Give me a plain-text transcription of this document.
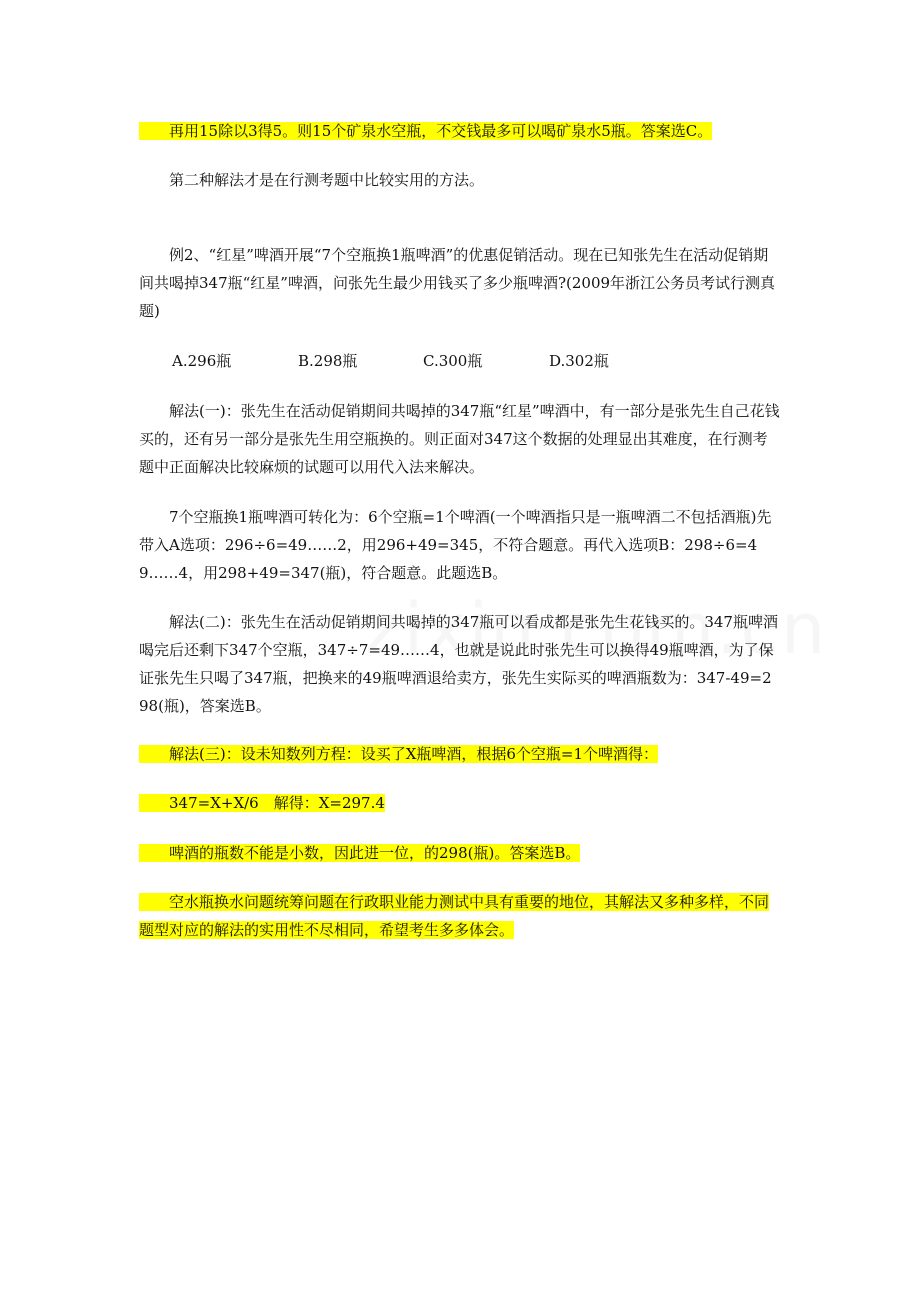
　　再用15除以3得5。则15个矿泉水空瓶，不交钱最多可以喝矿泉水5瓶。答案选C。

　　第二种解法才是在行测考题中比较实用的方法。

　　例2、“红星”啤酒开展“7个空瓶换1瓶啤酒”的优惠促销活动。现在已知张先生在活动促销期间共喝掉347瓶“红星”啤酒，问张先生最少用钱买了多少瓶啤酒?(2009年浙江公务员考试行测真题)

A.296瓶

	B.298瓶

	C.300瓶

	D.302瓶

　　解法(一)：张先生在活动促销期间共喝掉的347瓶“红星”啤酒中，有一部分是张先生自己花钱买的，还有另一部分是张先生用空瓶换的。则正面对347这个数据的处理显出其难度，在行测考题中正面解决比较麻烦的试题可以用代入法来解决。

　　7个空瓶换1瓶啤酒可转化为：6个空瓶=1个啤酒(一个啤酒指只是一瓶啤酒二不包括酒瓶)先带入A选项：296÷6=49……2，用296+49=345，不符合题意。再代入选项B：298÷6=49……4，用298+49=347(瓶)，符合题意。此题选B。

　　解法(二)：张先生在活动促销期间共喝掉的347瓶可以看成都是张先生花钱买的。347瓶啤酒喝完后还剩下347个空瓶，347÷7=49……4，也就是说此时张先生可以换得49瓶啤酒，为了保证张先生只喝了347瓶，把换来的49瓶啤酒退给卖方，张先生实际买的啤酒瓶数为：347-49=298(瓶)，答案选B。

　　解法(三)：设未知数列方程：设买了X瓶啤酒，根据6个空瓶=1个啤酒得：

　　347=X+X/6　解得：X=297.4

　　啤酒的瓶数不能是小数，因此进一位，的298(瓶)。答案选B。

　　空水瓶换水问题统筹问题在行政职业能力测试中具有重要的地位，其解法又多种多样，不同题型对应的解法的实用性不尽相同，希望考生多多体会。
